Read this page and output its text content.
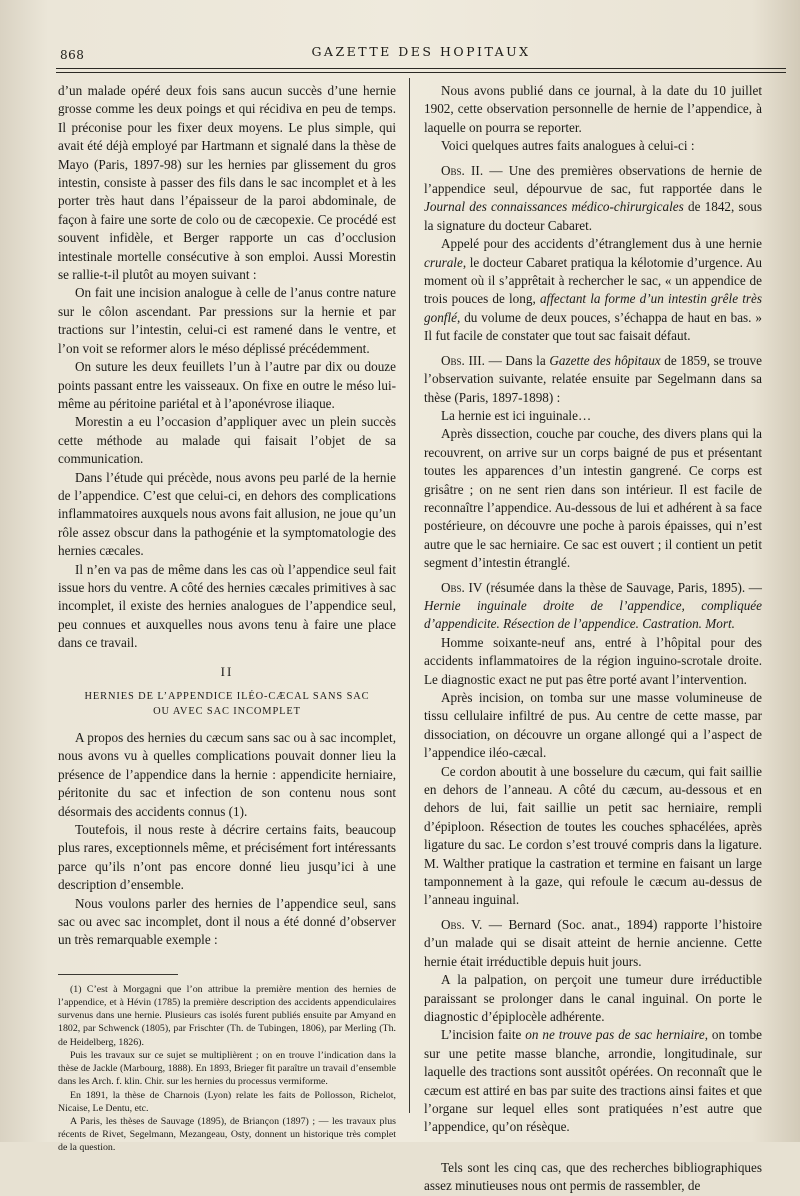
868	GAZETTE DES HOPITAUX

d’un malade opéré deux fois sans aucun succès d’une hernie grosse comme les deux poings et qui récidiva en peu de temps. Il préconise pour les fixer deux moyens. Le plus simple, qui avait été déjà employé par Hartmann et signalé dans la thèse de Mayo (Paris, 1897-98) sur les hernies par glissement du gros intestin, consiste à passer des fils dans le sac incomplet et à les porter très haut dans l’épaisseur de la paroi abdominale, de façon à faire une sorte de colo ou de cæcopexie. Ce procédé est souvent infidèle, et Berger rapporte un cas d’occlusion intestinale mortelle consécutive à son emploi. Aussi Morestin se rallie-t-il plutôt au moyen suivant :

On fait une incision analogue à celle de l’anus contre nature sur le côlon ascendant. Par pressions sur la hernie et par tractions sur l’intestin, celui-ci est ramené dans le ventre, et l’on voit se reformer alors le méso déplissé précédemment.

On suture les deux feuillets l’un à l’autre par dix ou douze points passant entre les vaisseaux. On fixe en outre le méso lui-même au péritoine pariétal et à l’aponévrose iliaque.

Morestin a eu l’occasion d’appliquer avec un plein succès cette méthode au malade qui faisait l’objet de sa communication.

Dans l’étude qui précède, nous avons peu parlé de la hernie de l’appendice. C’est que celui-ci, en dehors des complications inflammatoires auxquels nous avons fait allusion, ne joue qu’un rôle assez obscur dans la pathogénie et la symptomatologie des hernies cæcales.

Il n’en va pas de même dans les cas où l’appendice seul fait issue hors du ventre. A côté des hernies cæcales primitives à sac incomplet, il existe des hernies analogues de l’appendice seul, peu connues et auxquelles nous avons tenu à faire une place dans ce travail.

II
HERNIES DE L’APPENDICE ILÉO-CÆCAL SANS SAC
OU AVEC SAC INCOMPLET

A propos des hernies du cæcum sans sac ou à sac incomplet, nous avons vu à quelles complications pouvait donner lieu la présence de l’appendice dans la hernie : appendicite herniaire, péritonite du sac et infection de son contenu nous sont désormais des accidents connus (1).

Toutefois, il nous reste à décrire certains faits, beaucoup plus rares, exceptionnels même, et précisément fort intéressants parce qu’ils n’ont pas encore donné lieu jusqu’ici à une description d’ensemble.

Nous voulons parler des hernies de l’appendice seul, sans sac ou avec sac incomplet, dont il nous a été donné d’observer un très remarquable exemple :

(1) C’est à Morgagni que l’on attribue la première mention des hernies de l’appendice, et à Hévin (1785) la première description des accidents appendiculaires survenus dans une hernie. Plusieurs cas isolés furent publiés ensuite par Amyand en 1802, par Schwenck (1805), par Frischter (Th. de Tubingen, 1806), par Merling (Th. de Heidelberg, 1826).

Puis les travaux sur ce sujet se multiplièrent ; on en trouve l’indication dans la thèse de Jackle (Marbourg, 1888). En 1893, Brieger fit paraître un travail d’ensemble dans les Arch. f. klin. Chir. sur les hernies du processus vermiforme.

En 1891, la thèse de Charnois (Lyon) relate les faits de Pollosson, Richelot, Nicaise, Le Dentu, etc.

A Paris, les thèses de Sauvage (1895), de Briançon (1897) ; — les travaux plus récents de Rivet, Segelmann, Mezangeau, Osty, donnent un historique très complet de la question.

Nous avons publié dans ce journal, à la date du 10 juillet 1902, cette observation personnelle de hernie de l’appendice, à laquelle on pourra se reporter.

Voici quelques autres faits analogues à celui-ci :

Obs. II. — Une des premières observations de hernie de l’appendice seul, dépourvue de sac, fut rapportée dans le Journal des connaissances médico-chirurgicales de 1842, sous la signature du docteur Cabaret.

Appelé pour des accidents d’étranglement dus à une hernie crurale, le docteur Cabaret pratiqua la kélotomie d’urgence. Au moment où il s’apprêtait à rechercher le sac, « un appendice de trois pouces de long, affectant la forme d’un intestin grêle très gonflé, du volume de deux pouces, s’échappa de haut en bas. » Il fut facile de constater que tout sac faisait défaut.

Obs. III. — Dans la Gazette des hôpitaux de 1859, se trouve l’observation suivante, relatée ensuite par Segelmann dans sa thèse (Paris, 1897-1898) :

La hernie est ici inguinale…

Après dissection, couche par couche, des divers plans qui la recouvrent, on arrive sur un corps baigné de pus et présentant toutes les apparences d’un intestin gangrené. Ce corps est grisâtre ; on ne sent rien dans son intérieur. Il est facile de reconnaître l’appendice. Au-dessous de lui et adhérent à sa face postérieure, on découvre une poche à parois épaisses, qui n’est autre que le sac herniaire. Ce sac est ouvert ; il contient un petit segment d’intestin étranglé.

Obs. IV (résumée dans la thèse de Sauvage, Paris, 1895). — Hernie inguinale droite de l’appendice, compliquée d’appendicite. Résection de l’appendice. Castration. Mort.

Homme soixante-neuf ans, entré à l’hôpital pour des accidents inflammatoires de la région inguino-scrotale droite. Le diagnostic exact ne put pas être porté avant l’intervention.

Après incision, on tomba sur une masse volumineuse de tissu cellulaire infiltré de pus. Au centre de cette masse, par dissociation, on découvre un organe allongé qui a l’aspect de l’appendice iléo-cæcal.

Ce cordon aboutit à une bosselure du cæcum, qui fait saillie en dehors de l’anneau. A côté du cæcum, au-dessous et en dehors de lui, fait saillie un petit sac herniaire, rempli d’épiploon. Résection de toutes les couches sphacélées, après ligature du sac. Le cordon s’est trouvé compris dans la ligature. M. Walther pratique la castration et termine en faisant un large tamponnement à la gaze, qui refoule le cæcum au-dessus de l’anneau inguinal.

Obs. V. — Bernard (Soc. anat., 1894) rapporte l’histoire d’un malade qui se disait atteint de hernie ancienne. Cette hernie était irréductible depuis huit jours.

A la palpation, on perçoit une tumeur dure irréductible paraissant se prolonger dans le canal inguinal. On porte le diagnostic d’épiplocèle adhérente.

L’incision faite on ne trouve pas de sac herniaire, on tombe sur une petite masse blanche, arrondie, longitudinale, sur laquelle des tractions sont aussitôt opérées. On reconnaît que le cæcum est attiré en bas par suite des tractions ainsi faites et que l’organe sur lequel elles sont pratiquées n’est autre que l’appendice, qu’on résèque.

Tels sont les cinq cas, que des recherches bibliographiques assez minutieuses nous ont permis de rassembler, de
